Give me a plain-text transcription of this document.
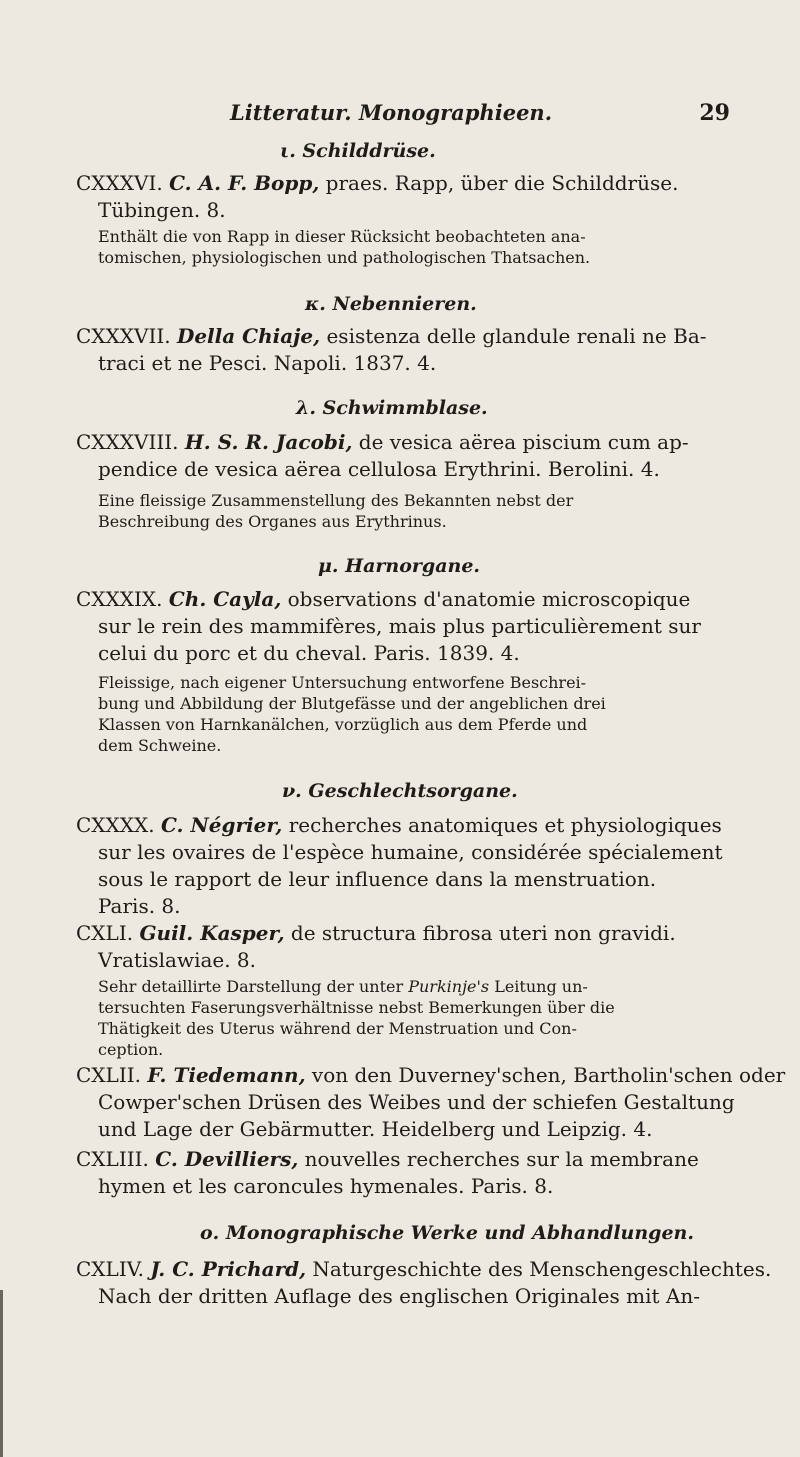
Litteratur. Monographieen.	29
ι. Schilddrüse.
CXXXVI. C. A. F. Bopp, praes. Rapp, über die Schilddrüse.
Tübingen. 8.
Enthält die von Rapp in dieser Rücksicht beobachteten ana-
tomischen, physiologischen und pathologischen Thatsachen.
κ. Nebennieren.
CXXXVII. Della Chiaje, esistenza delle glandule renali ne Ba-
traci et ne Pesci. Napoli. 1837. 4.
λ. Schwimmblase.
CXXXVIII. H. S. R. Jacobi, de vesica aërea piscium cum ap-
pendice de vesica aërea cellulosa Erythrini. Berolini. 4.
Eine fleissige Zusammenstellung des Bekannten nebst der
Beschreibung des Organes aus Erythrinus.
μ. Harnorgane.
CXXXIX. Ch. Cayla, observations d'anatomie microscopique
sur le rein des mammifères, mais plus particulièrement sur
celui du porc et du cheval. Paris. 1839. 4.
Fleissige, nach eigener Untersuchung entworfene Beschrei-
bung und Abbildung der Blutgefässe und der angeblichen drei
Klassen von Harnkanälchen, vorzüglich aus dem Pferde und
dem Schweine.
ν. Geschlechtsorgane.
CXXXX. C. Négrier, recherches anatomiques et physiologiques
sur les ovaires de l'espèce humaine, considérée spécialement
sous le rapport de leur influence dans la menstruation.
Paris. 8.
CXLI. Guil. Kasper, de structura fibrosa uteri non gravidi.
Vratislawiae. 8.
Sehr detaillirte Darstellung der unter Purkinje's Leitung un-
tersuchten Faserungsverhältnisse nebst Bemerkungen über die
Thätigkeit des Uterus während der Menstruation und Con-
ception.
CXLII. F. Tiedemann, von den Duverney'schen, Bartholin'schen oder
Cowper'schen Drüsen des Weibes und der schiefen Gestaltung
und Lage der Gebärmutter. Heidelberg und Leipzig. 4.
CXLIII. C. Devilliers, nouvelles recherches sur la membrane
hymen et les caroncules hymenales. Paris. 8.
ο. Monographische Werke und Abhandlungen.
CXLIV. J. C. Prichard, Naturgeschichte des Menschengeschlechtes.
Nach der dritten Auflage des englischen Originales mit An-
